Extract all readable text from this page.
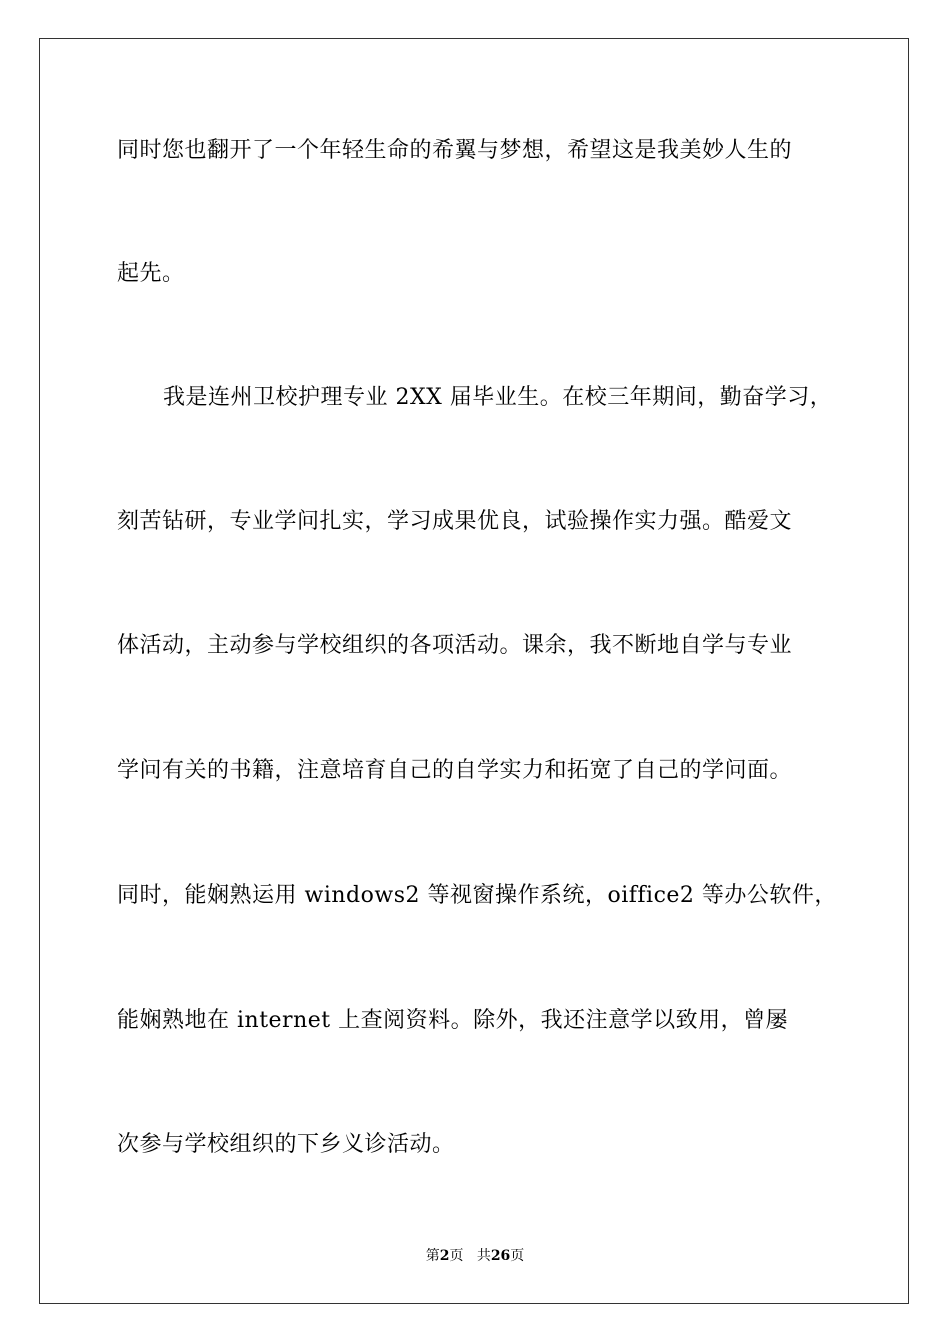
同时您也翻开了一个年轻生命的希翼与梦想，希望这是我美妙人生的
起先。
我是连州卫校护理专业 2XX 届毕业生。在校三年期间，勤奋学习，
刻苦钻研，专业学问扎实，学习成果优良，试验操作实力强。酷爱文
体活动，主动参与学校组织的各项活动。课余，我不断地自学与专业
学问有关的书籍，注意培育自己的自学实力和拓宽了自己的学问面。
同时，能娴熟运用 windows2 等视窗操作系统，oiffice2 等办公软件，
能娴熟地在 internet 上查阅资料。除外，我还注意学以致用，曾屡
次参与学校组织的下乡义诊活动。
第2页 共26页
